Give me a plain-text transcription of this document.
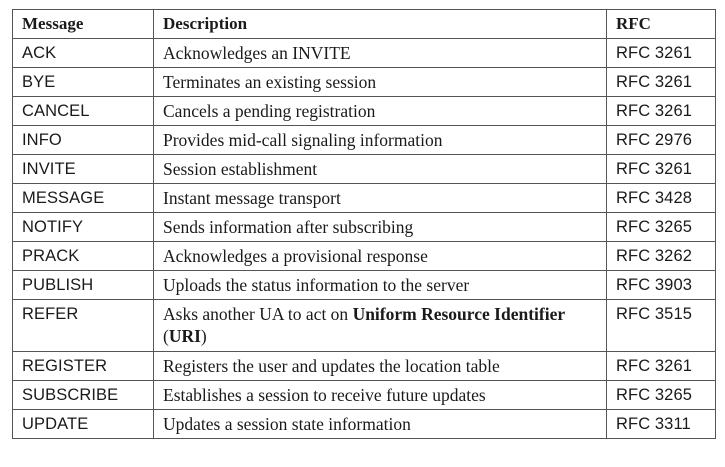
Message	Description	RFC
ACK	Acknowledges an INVITE	RFC 3261
BYE	Terminates an existing session	RFC 3261
CANCEL	Cancels a pending registration	RFC 3261
INFO	Provides mid-call signaling information	RFC 2976
INVITE	Session establishment	RFC 3261
MESSAGE	Instant message transport	RFC 3428
NOTIFY	Sends information after subscribing	RFC 3265
PRACK	Acknowledges a provisional response	RFC 3262
PUBLISH	Uploads the status information to the server	RFC 3903
REFER	Asks another UA to act on Uniform Resource Identifier (URI)	RFC 3515
REGISTER	Registers the user and updates the location table	RFC 3261
SUBSCRIBE	Establishes a session to receive future updates	RFC 3265
UPDATE	Updates a session state information	RFC 3311
